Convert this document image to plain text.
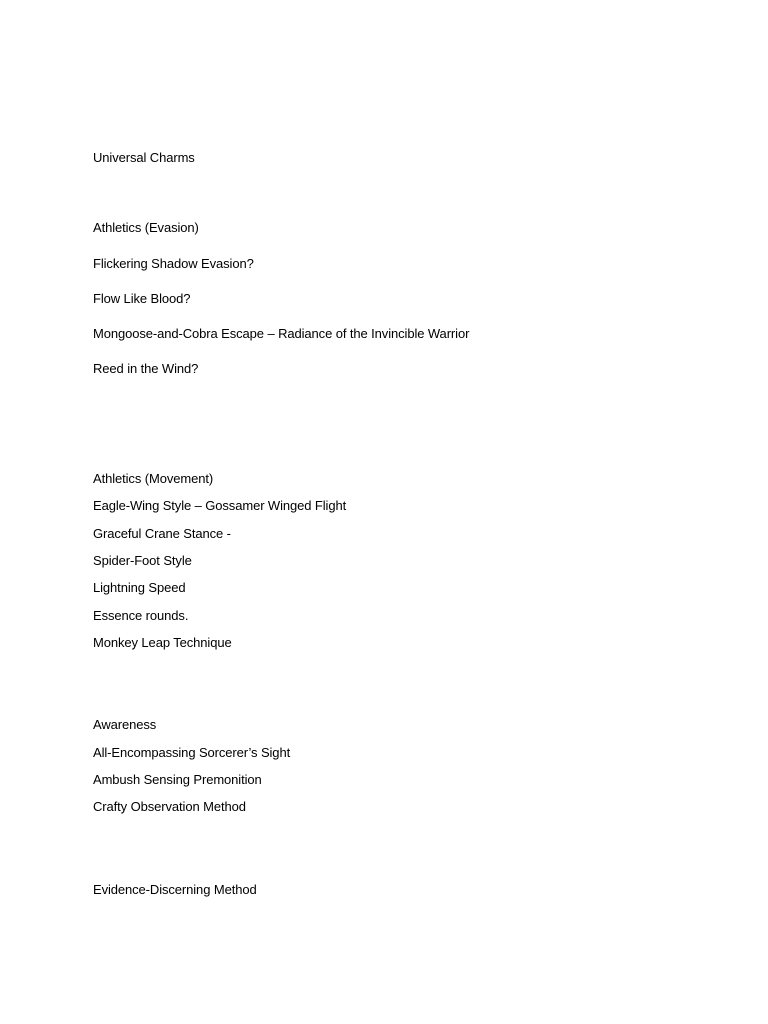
Universal Charms
Athletics (Evasion)
Flickering Shadow Evasion?
Flow Like Blood?
Mongoose-and-Cobra Escape – Radiance of the Invincible Warrior
Reed in the Wind?
Athletics (Movement)
Eagle-Wing Style – Gossamer Winged Flight
Graceful Crane Stance -
Spider-Foot Style
Lightning Speed
Essence rounds.
Monkey Leap Technique
Awareness
All-Encompassing Sorcerer’s Sight
Ambush Sensing Premonition
Crafty Observation Method
Evidence-Discerning Method
